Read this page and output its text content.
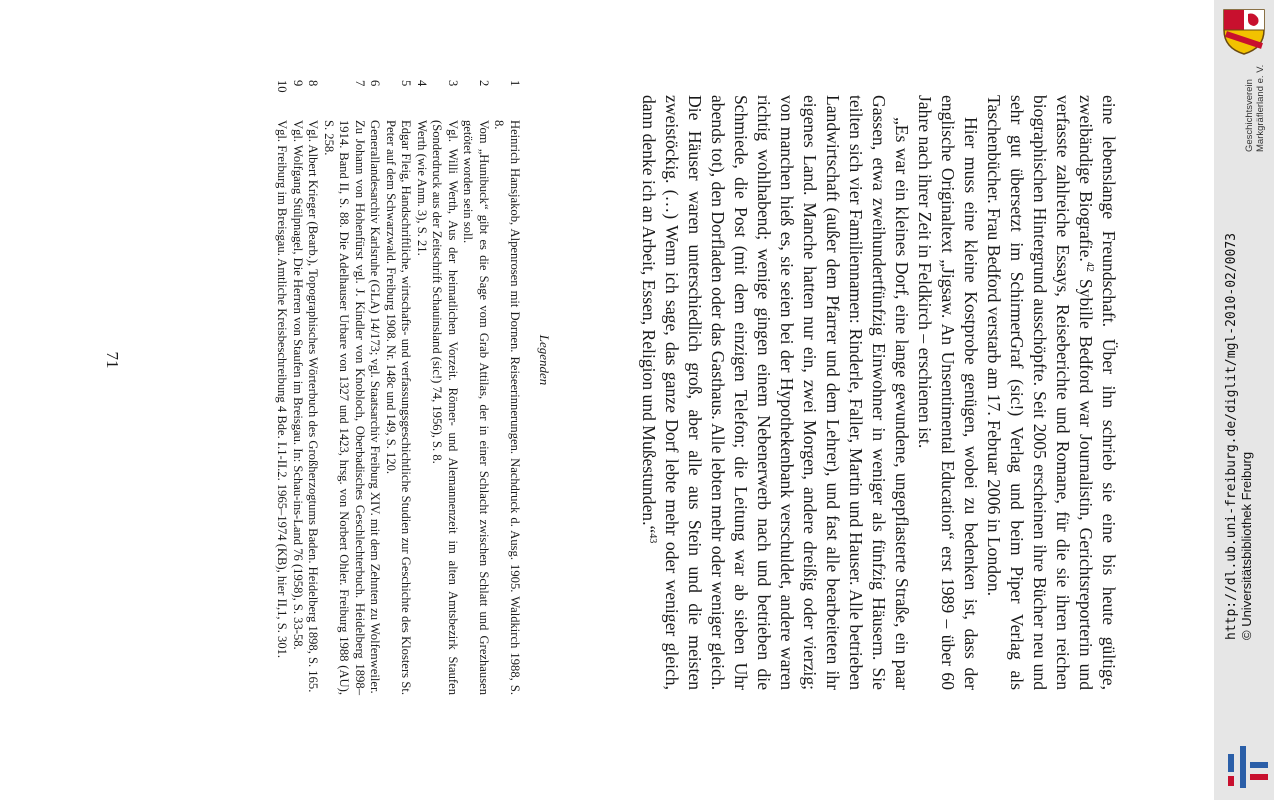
eine lebenslange Freundschaft. Über ihn schrieb sie eine bis heute gültige, zweibändige Biografie.$^{42}$ Sybille Bedford war Journalistin, Gerichtsreporterin und verfasste zahlreiche Essays, Reiseberichte und Romane, für die sie ihren reichen biographischen Hintergrund ausschöpfte. Seit 2005 erscheinen ihre Bücher neu und sehr gut übersetzt im SchirmerGraf (sic!) Verlag und beim Piper Verlag als Taschenbücher. Frau Bedford verstarb am 17. Februar 2006 in London.

Hier muss eine kleine Kostprobe genügen, wobei zu bedenken ist, dass der englische Originaltext „Jigsaw. An Unsentimental Education“ erst 1989 – über 60 Jahre nach ihrer Zeit in Feldkirch – erschienen ist.

„Es war ein kleines Dorf, eine lange gewundene, ungepflasterte Straße, ein paar Gassen, etwa zweihundertfünfzig Einwohner in weniger als fünfzig Häusern. Sie teilten sich vier Familiennamen: Rinderle, Faller, Martin und Hauser. Alle betrieben Landwirtschaft (außer dem Pfarrer und dem Lehrer), und fast alle bearbeiteten ihr eigenes Land. Manche hatten nur ein, zwei Morgen, andere dreißig oder vierzig; von manchen hieß es, sie seien bei der Hypothekenbank verschuldet, andere waren richtig wohlhabend; wenige gingen einem Nebenerwerb nach und betrieben die Schmiede, die Post (mit dem einzigen Telefon; die Leitung war ab sieben Uhr abends tot), den Dorfladen oder das Gasthaus. Alle lebten mehr oder weniger gleich. Die Häuser waren unterschiedlich groß, aber alle aus Stein und die meisten zweistöckig. (…) Wenn ich sage, das ganze Dorf lebte mehr oder weniger gleich, dann denke ich an Arbeit, Essen, Religion und Mußestunden.“$^{43}$

Legenden
1
Heinrich Hansjakob, Alpenrosen mit Dornen. Reiseerinnerungen. Nachdruck d. Ausg. 1905. Waldkirch 1988, S. 8.
2
Vom „Hunibuck“ gibt es die Sage vom Grab Attilas, der in einer Schlacht zwischen Schlatt und Grezhausen getötet worden sein soll.
3
Vgl. Willi Werth, Aus der heimatlichen Vorzeit. Römer- und Alemannenzeit im alten Amtsbezirk Staufen (Sonderdruck aus der Zeitschrift Schauinsland (sic!) 74, 1956), S. 8.
4
Werth (wie Anm. 3), S. 21.
5
Edgar Fleig, Handschriftliche, wirtschafts- und verfassungsgeschichtliche Studien zur Geschichte des Klosters St. Peter auf dem Schwarzwald. Freiburg 1908. Nr. 148c und 149, S. 120.
6
Generallandesarchiv Karlsruhe (GLA) 14/173; vgl. Staatsarchiv Freiburg XIV. mit dem Zehnten zu Wolfenweiler.
7
Zu Johann von Hohenfürst vgl. J. Kindler von Knobloch, Oberbadisches Geschlechterbuch. Heidelberg 1898–1914. Band II, S. 88. Die Adelhauser Urbare von 1327 und 1423, hrsg. von Norbert Ohler. Freiburg 1988 (AU), S. 258.
8
Vgl. Albert Krieger (Bearb.), Topographisches Wörterbuch des Großherzogtums Baden. Heidelberg 1898, S. 165.
9
Vgl. Wolfgang Stülpnagel, Die Herren von Staufen im Breisgau. In: Schau-ins-Land 76 (1958), S. 33-58.
10
Vgl. Freiburg im Breisgau. Amtliche Kreisbeschreibung 4 Bde. I.1-II.2. 1965–1974 (KB), hier II,1, S. 301.
71
Geschichtsverein Markgräflerland e. V.
http://dl.ub.uni-freiburg.de/diglit/mgl-2010-02/0073 © Universitätsbibliothek Freiburg
